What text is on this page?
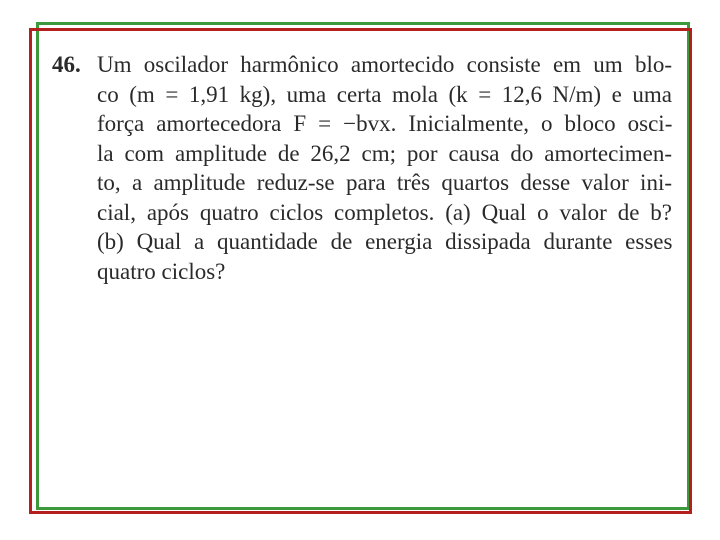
46. Um oscilador harmônico amortecido consiste em um blo-
co (m = 1,91 kg), uma certa mola (k = 12,6 N/m) e uma
força amortecedora F = −bvx. Inicialmente, o bloco osci-
la com amplitude de 26,2 cm; por causa do amortecimen-
to, a amplitude reduz-se para três quartos desse valor ini-
cial, após quatro ciclos completos. (a) Qual o valor de b?
(b) Qual a quantidade de energia dissipada durante esses
quatro ciclos?
